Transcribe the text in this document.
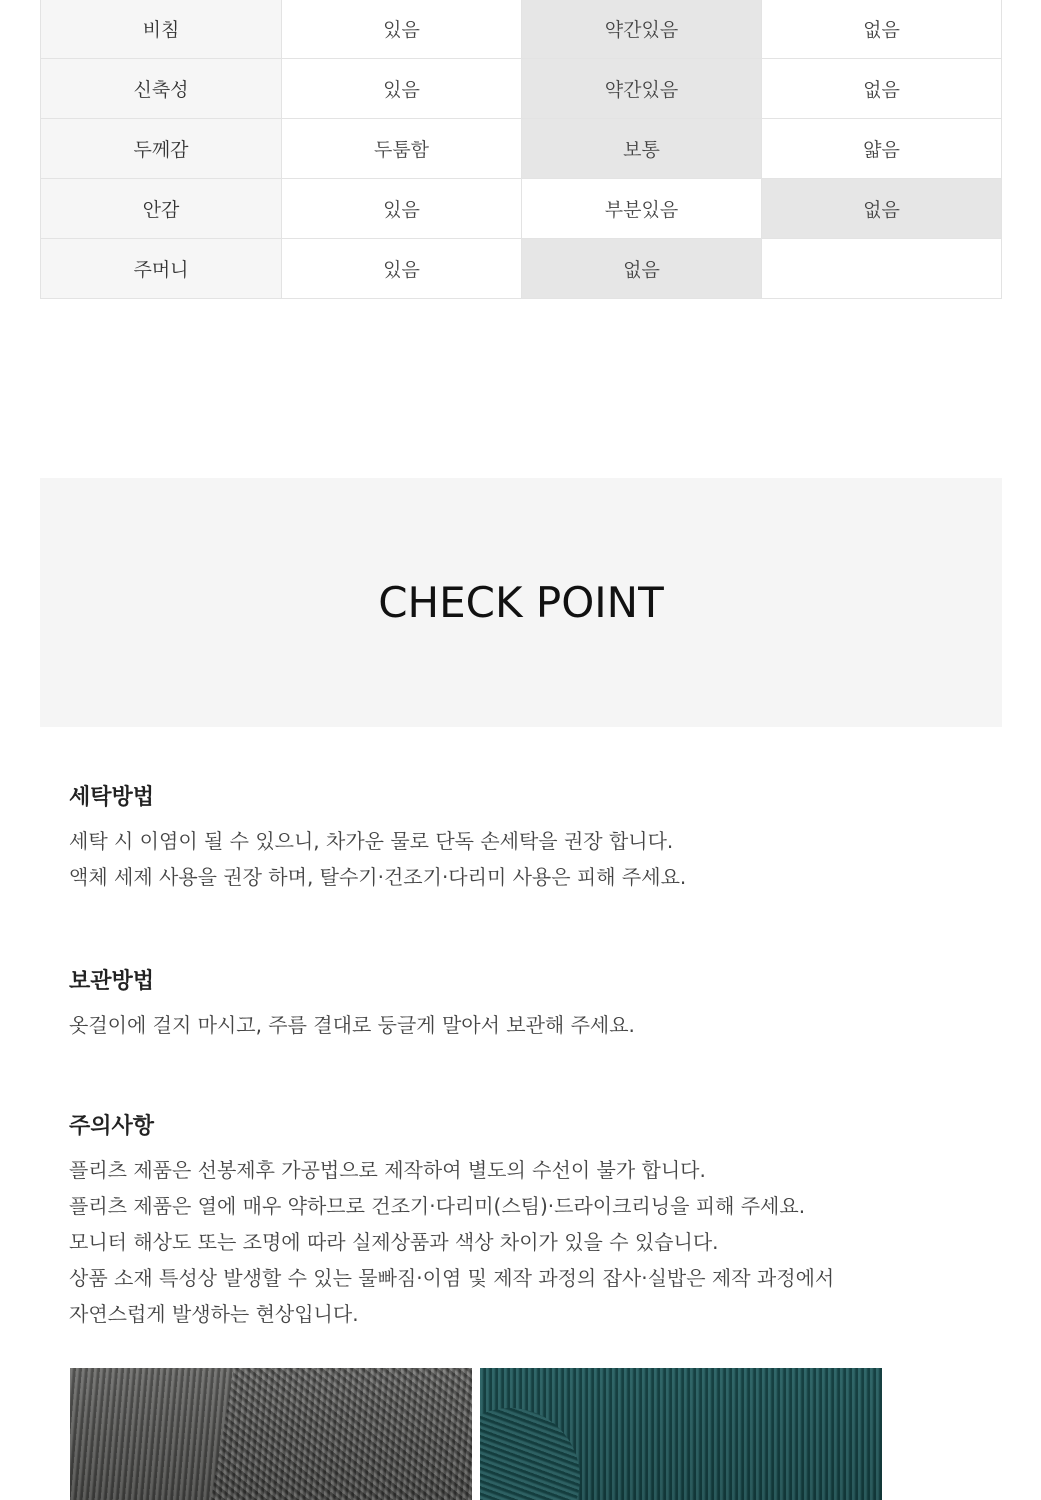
비침	있음	약간있음	없음
신축성	있음	약간있음	없음
두께감	두툼함	보통	얇음
안감	있음	부분있음	없음
주머니	있음	없음	
CHECK POINT
세탁방법

세탁 시 이염이 될 수 있으니, 차가운 물로 단독 손세탁을 권장 합니다.

액체 세제 사용을 권장 하며, 탈수기·건조기·다리미 사용은 피해 주세요.

보관방법

옷걸이에 걸지 마시고, 주름 결대로 둥글게 말아서 보관해 주세요.

주의사항

플리츠 제품은 선봉제후 가공법으로 제작하여 별도의 수선이 불가 합니다.

플리츠 제품은 열에 매우 약하므로 건조기·다리미(스팀)·드라이크리닝을 피해 주세요.

모니터 해상도 또는 조명에 따라 실제상품과 색상 차이가 있을 수 있습니다.

상품 소재 특성상 발생할 수 있는 물빠짐·이염 및 제작 과정의 잡사·실밥은 제작 과정에서

자연스럽게 발생하는 현상입니다.
